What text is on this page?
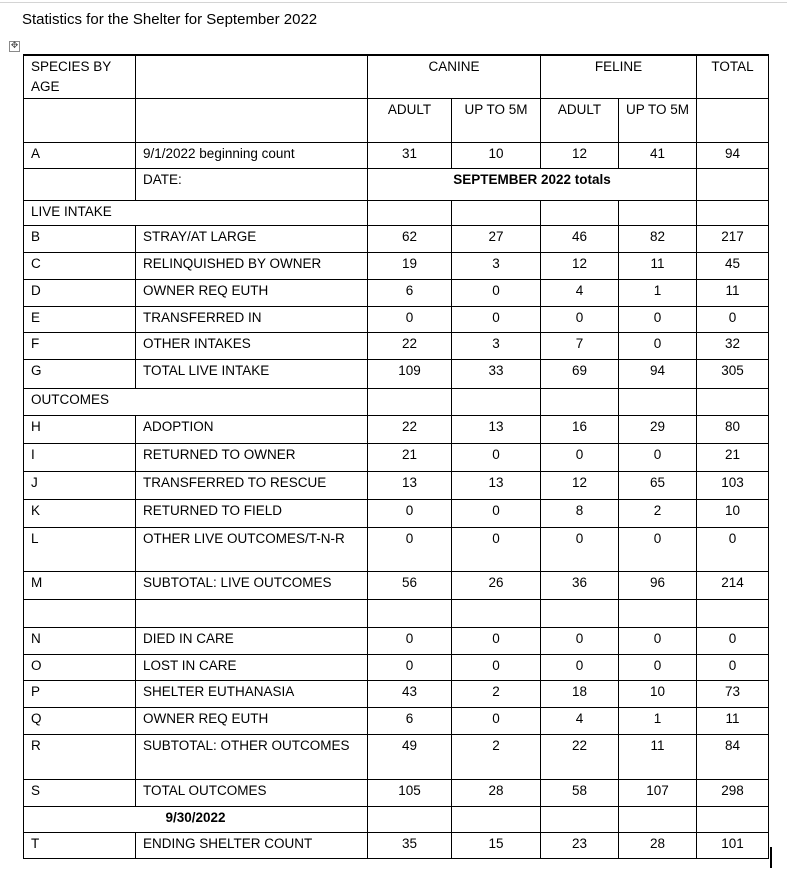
Statistics for the Shelter for September 2022
✥
SPECIES BY AGE		CANINE		FELINE		TOTAL
		ADULT	UP TO 5M	ADULT	UP TO 5M	
A	9/1/2022 beginning count	31	10	12	41	94
	DATE:	SEPTEMBER 2022 totals				
LIVE INTAKE						
B	STRAY/AT LARGE	62	27	46	82	217
C	RELINQUISHED BY OWNER	19	3	12	11	45
D	OWNER REQ EUTH	6	0	4	1	11
E	TRANSFERRED IN	0	0	0	0	0
F	OTHER INTAKES	22	3	7	0	32
G	TOTAL LIVE INTAKE	109	33	69	94	305
OUTCOMES						
H	ADOPTION	22	13	16	29	80
I	RETURNED TO OWNER	21	0	0	0	21
J	TRANSFERRED TO RESCUE	13	13	12	65	103
K	RETURNED TO FIELD	0	0	8	2	10
L	OTHER LIVE OUTCOMES/T-N-R	0	0	0	0	0
M	SUBTOTAL: LIVE OUTCOMES	56	26	36	96	214

N	DIED IN CARE	0	0	0	0	0
O	LOST IN CARE	0	0	0	0	0
P	SHELTER EUTHANASIA	43	2	18	10	73
Q	OWNER REQ EUTH	6	0	4	1	11
R	SUBTOTAL: OTHER OUTCOMES	49	2	22	11	84
S	TOTAL OUTCOMES	105	28	58	107	298
9/30/2022						
T	ENDING SHELTER COUNT	35	15	23	28	101
